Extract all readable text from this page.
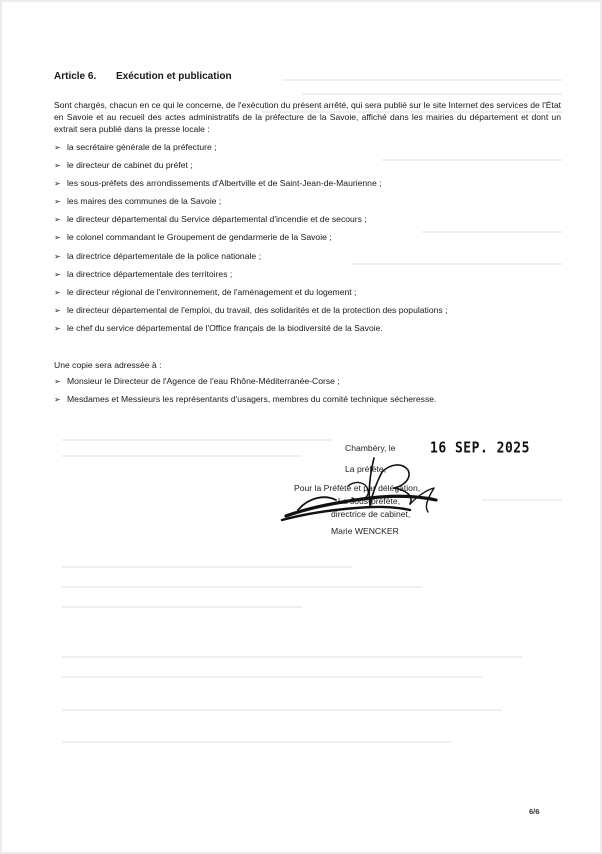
Article 6. Exécution et publication
Sont chargés, chacun en ce qui le concerne, de l'exécution du présent arrêté, qui sera publié sur le site Internet des services de l'État en Savoie et au recueil des actes administratifs de la préfecture de la Savoie, affiché dans les mairies du département et dont un extrait sera publié dans la presse locale :
➢ la secrétaire générale de la préfecture ;
➢ le directeur de cabinet du préfet ;
➢ les sous-préfets des arrondissements d'Albertville et de Saint-Jean-de-Maurienne ;
➢ les maires des communes de la Savoie ;
➢ le directeur départemental du Service départemental d'incendie et de secours ;
➢ le colonel commandant le Groupement de gendarmerie de la Savoie ;
➢ la directrice départementale de la police nationale ;
➢ la directrice départementale des territoires ;
➢ le directeur régional de l'environnement, de l'aménagement et du logement ;
➢ le directeur départemental de l'emploi, du travail, des solidarités et de la protection des populations ;
➢ le chef du service départemental de l'Office français de la biodiversité de la Savoie.
Une copie sera adressée à :
➢ Monsieur le Directeur de l'Agence de l'eau Rhône-Méditerranée-Corse ;
➢ Mesdames et Messieurs les représentants d'usagers, membres du comité technique sécheresse.
Chambéry, le	16 SEP. 2025
La préfète,
Pour la Préfète et par délégation,
La sous-préfète,
directrice de cabinet,
Marie WENCKER
6/6
